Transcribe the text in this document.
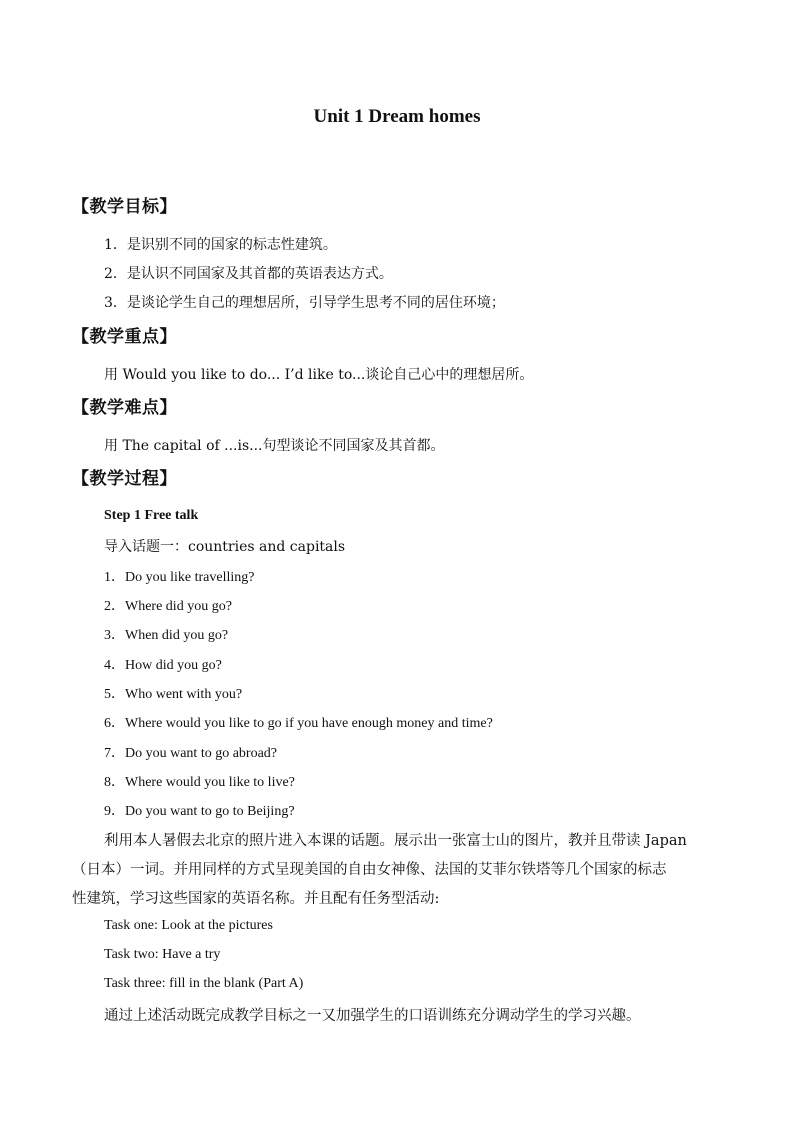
Unit 1 Dream homes
【教学目标】
1．是识别不同的国家的标志性建筑。
2．是认识不同国家及其首都的英语表达方式。
3．是谈论学生自己的理想居所，引导学生思考不同的居住环境；
【教学重点】
用 Would you like to do... I’d like to...谈论自己心中的理想居所。
【教学难点】
用 The capital of ...is...句型谈论不同国家及其首都。
【教学过程】
Step 1 Free talk
导入话题一：countries and capitals
1．Do you like travelling?
2．Where did you go?
3．When did you go?
4．How did you go?
5．Who went with you?
6．Where would you like to go if you have enough money and time?
7．Do you want to go abroad?
8．Where would you like to live?
9．Do you want to go to Beijing?
利用本人暑假去北京的照片进入本课的话题。展示出一张富士山的图片，教并且带读 Japan
（日本）一词。并用同样的方式呈现美国的自由女神像、法国的艾菲尔铁塔等几个国家的标志
性建筑，学习这些国家的英语名称。并且配有任务型活动:
Task one: Look at the pictures
Task two: Have a try
Task three: fill in the blank (Part A)
通过上述活动既完成教学目标之一又加强学生的口语训练充分调动学生的学习兴趣。
